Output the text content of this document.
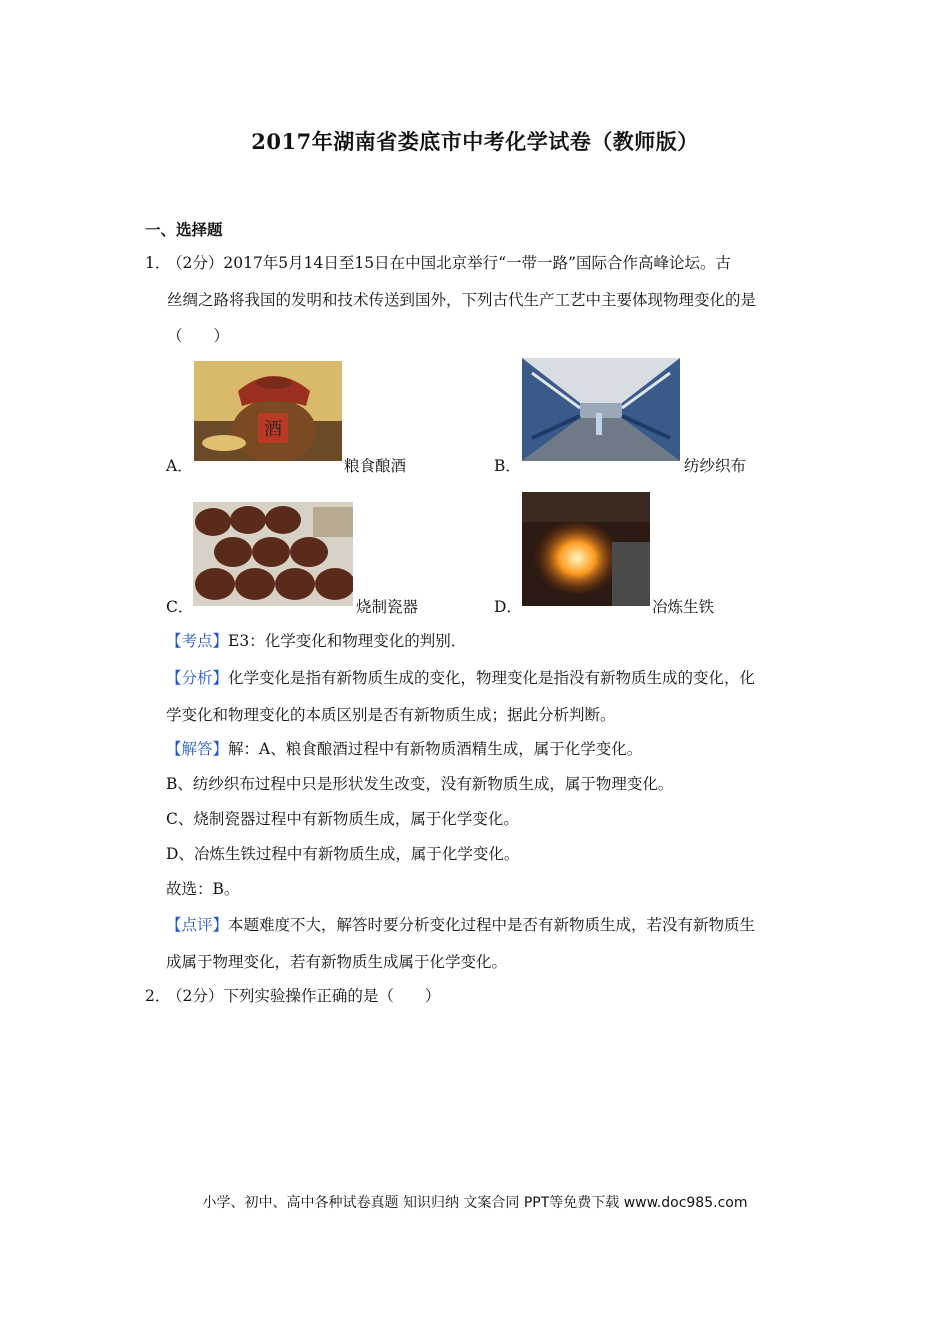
2017年湖南省娄底市中考化学试卷（教师版）
一、选择题
1．
（2分）2017年5月14日至15日在中国北京举行“一带一路”国际合作高峰论坛。古
丝绸之路将我国的发明和技术传送到国外，下列古代生产工艺中主要体现物理变化的是
（　　）
酒
A．	粮食酿酒	B．	纺纱织布
C．	烧制瓷器	D．	冶炼生铁
【考点】E3：化学变化和物理变化的判别．
【分析】化学变化是指有新物质生成的变化，物理变化是指没有新物质生成的变化，化
学变化和物理变化的本质区别是否有新物质生成；据此分析判断。
【解答】解：A、粮食酿酒过程中有新物质酒精生成，属于化学变化。
B、纺纱织布过程中只是形状发生改变，没有新物质生成，属于物理变化。
C、烧制瓷器过程中有新物质生成，属于化学变化。
D、冶炼生铁过程中有新物质生成，属于化学变化。
故选：B。
【点评】本题难度不大，解答时要分析变化过程中是否有新物质生成，若没有新物质生
成属于物理变化，若有新物质生成属于化学变化。
2．
（2分）下列实验操作正确的是（　　）
小学、初中、高中各种试卷真题 知识归纳 文案合同 PPT等免费下载 www.doc985.com
